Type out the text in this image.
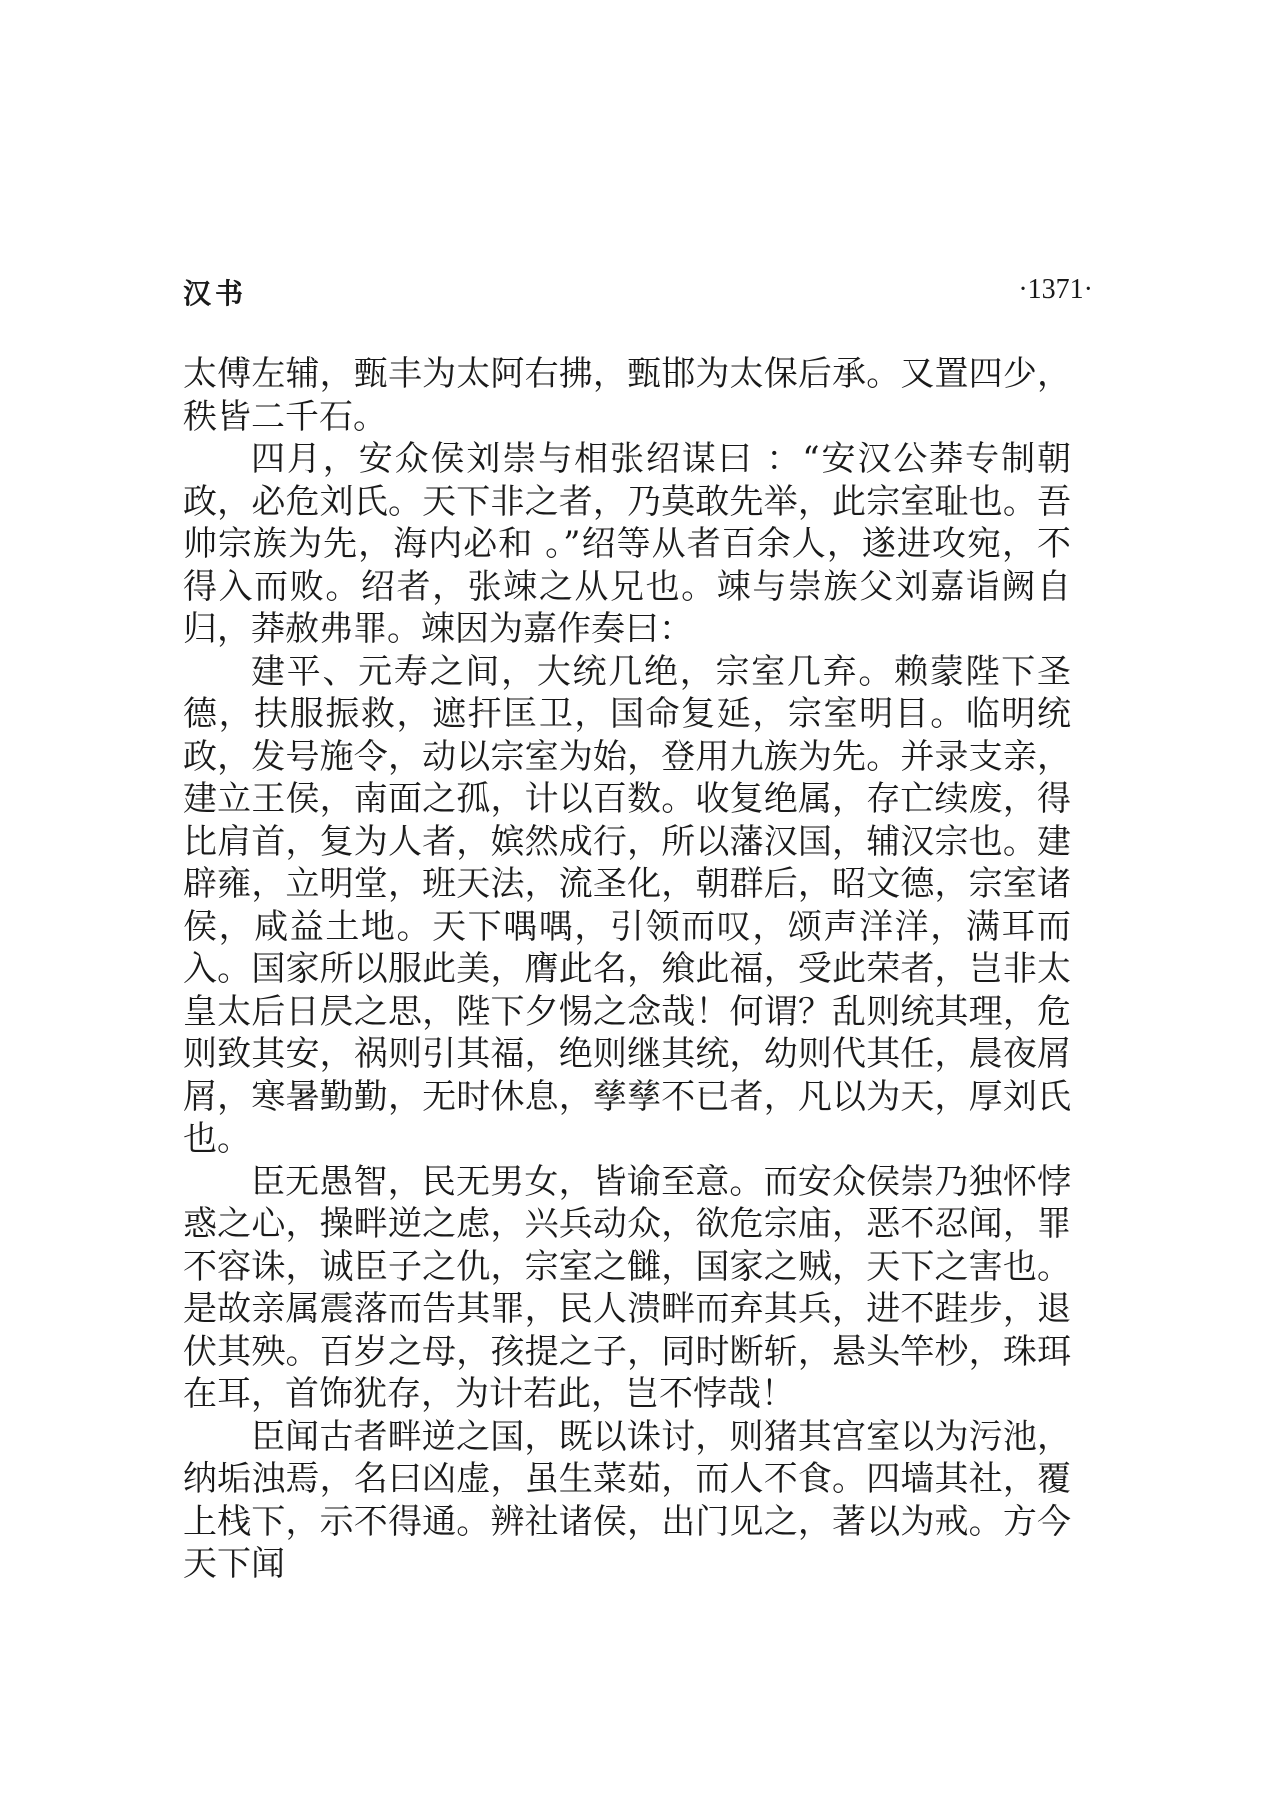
汉书	·1371·

太傅左辅，甄丰为太阿右拂，甄邯为太保后承。又置四少，秩皆二千石。

四月，安众侯刘崇与相张绍谋曰 ：“安汉公莽专制朝政，必危刘氏。天下非之者，乃莫敢先举，此宗室耻也。吾帅宗族为先，海内必和 。”绍等从者百余人，遂进攻宛，不得入而败。绍者，张竦之从兄也。竦与崇族父刘嘉诣阙自归，莽赦弗罪。竦因为嘉作奏曰：

建平、元寿之间，大统几绝，宗室几弃。赖蒙陛下圣德，扶服振救，遮扞匡卫，国命复延，宗室明目。临明统政，发号施令，动以宗室为始，登用九族为先。并录支亲，建立王侯，南面之孤，计以百数。收复绝属，存亡续废，得比肩首，复为人者，嫔然成行，所以藩汉国，辅汉宗也。建辟雍，立明堂，班天法，流圣化，朝群后，昭文德，宗室诸侯，咸益土地。天下喁喁，引领而叹，颂声洋洋，满耳而入。国家所以服此美，膺此名，飨此福，受此荣者，岂非太皇太后日昃之思，陛下夕惕之念哉！何谓？乱则统其理，危则致其安，祸则引其福，绝则继其统，幼则代其任，晨夜屑屑，寒暑勤勤，无时休息，孳孳不已者，凡以为天，厚刘氏也。

臣无愚智，民无男女，皆谕至意。而安众侯崇乃独怀悖惑之心，操畔逆之虑，兴兵动众，欲危宗庙，恶不忍闻，罪不容诛，诚臣子之仇，宗室之雠，国家之贼，天下之害也。是故亲属震落而告其罪，民人溃畔而弃其兵，进不跬步，退伏其殃。百岁之母，孩提之子，同时断斩，悬头竿杪，珠珥在耳，首饰犹存，为计若此，岂不悖哉！

臣闻古者畔逆之国，既以诛讨，则猪其宫室以为污池，纳垢浊焉，名曰凶虚，虽生菜茹，而人不食。四墙其社，覆上栈下，示不得通。辨社诸侯，出门见之，著以为戒。方今天下闻
